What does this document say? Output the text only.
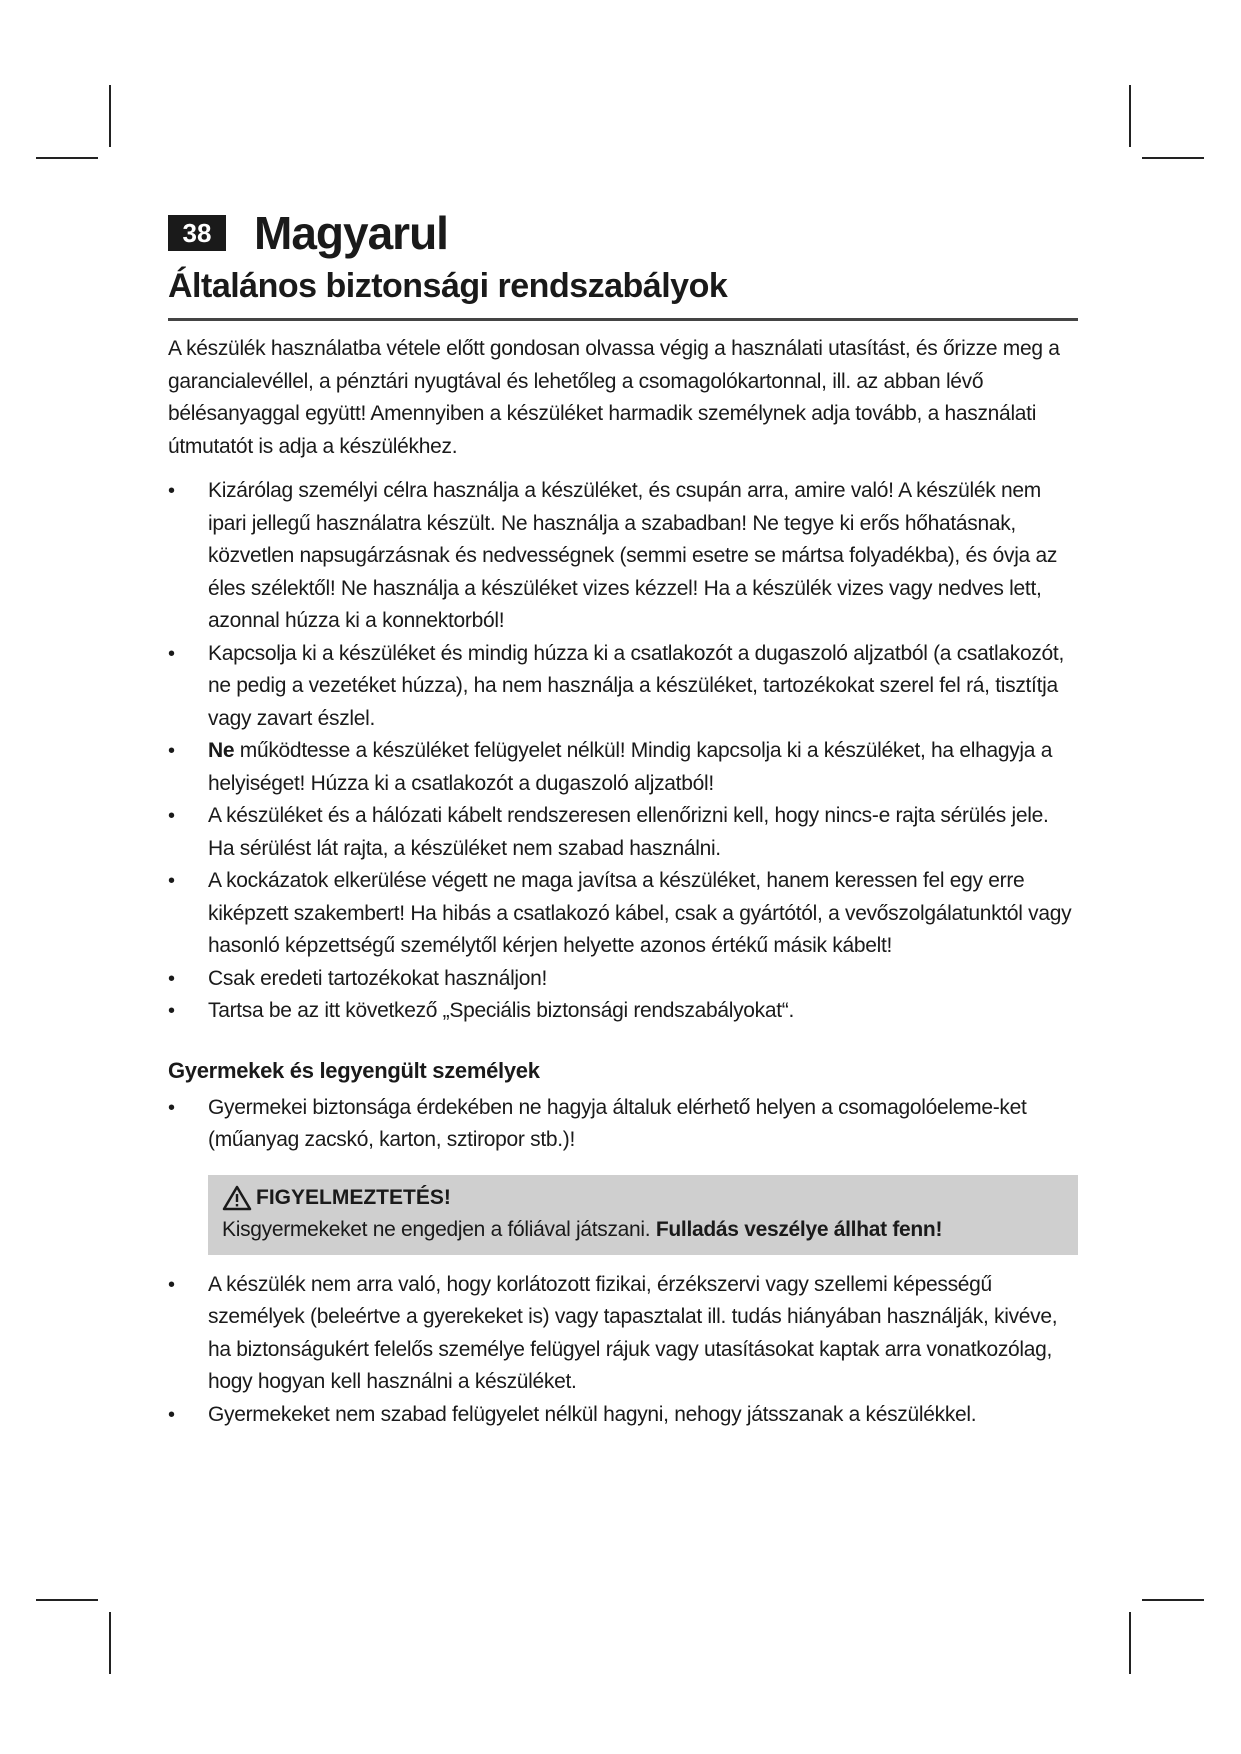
38 Magyarul
Általános biztonsági rendszabályok

A készülék használatba vétele előtt gondosan olvassa végig a használati utasítást, és őrizze meg a garancialevéllel, a pénztári nyugtával és lehetőleg a csomagolókartonnal, ill. az abban lévő bélésanyaggal együtt! Amennyiben a készüléket harmadik személynek adja tovább, a használati útmutatót is adja a készülékhez.

•	Kizárólag személyi célra használja a készüléket, és csupán arra, amire való! A készülék nem ipari jellegű használatra készült. Ne használja a szabadban! Ne tegye ki erős hőhatásnak, közvetlen napsugárzásnak és nedvességnek (semmi esetre se mártsa folyadékba), és óvja az éles szélektől! Ne használja a készüléket vizes kézzel! Ha a készülék vizes vagy nedves lett, azonnal húzza ki a konnektorból!
•	Kapcsolja ki a készüléket és mindig húzza ki a csatlakozót a dugaszoló aljzatból (a csatlakozót, ne pedig a vezetéket húzza), ha nem használja a készüléket, tartozékokat szerel fel rá, tisztítja vagy zavart észlel.
•	Ne működtesse a készüléket felügyelet nélkül! Mindig kapcsolja ki a készüléket, ha elhagyja a helyiséget! Húzza ki a csatlakozót a dugaszoló aljzatból!
•	A készüléket és a hálózati kábelt rendszeresen ellenőrizni kell, hogy nincs-e rajta sérülés jele. Ha sérülést lát rajta, a készüléket nem szabad használni.
•	A kockázatok elkerülése végett ne maga javítsa a készüléket, hanem keressen fel egy erre kiképzett szakembert! Ha hibás a csatlakozó kábel, csak a gyártótól, a vevőszolgálatunktól vagy hasonló képzettségű személytől kérjen helyette azonos értékű másik kábelt!
•	Csak eredeti tartozékokat használjon!
•	Tartsa be az itt következő „Speciális biztonsági rendszabályokat“.
Gyermekek és legyengült személyek
•	Gyermekei biztonsága érdekében ne hagyja általuk elérhető helyen a csomagolóeleme-ket (műanyag zacskó, karton, sztiropor stb.)!
FIGYELMEZTETÉS!
Kisgyermekeket ne engedjen a fóliával játszani. Fulladás veszélye állhat fenn!
•	A készülék nem arra való, hogy korlátozott fizikai, érzékszervi vagy szellemi képességű személyek (beleértve a gyerekeket is) vagy tapasztalat ill. tudás hiányában használják, kivéve, ha biztonságukért felelős személye felügyel rájuk vagy utasításokat kaptak arra vonatkozólag, hogy hogyan kell használni a készüléket.
•	Gyermekeket nem szabad felügyelet nélkül hagyni, nehogy játsszanak a készülékkel.
